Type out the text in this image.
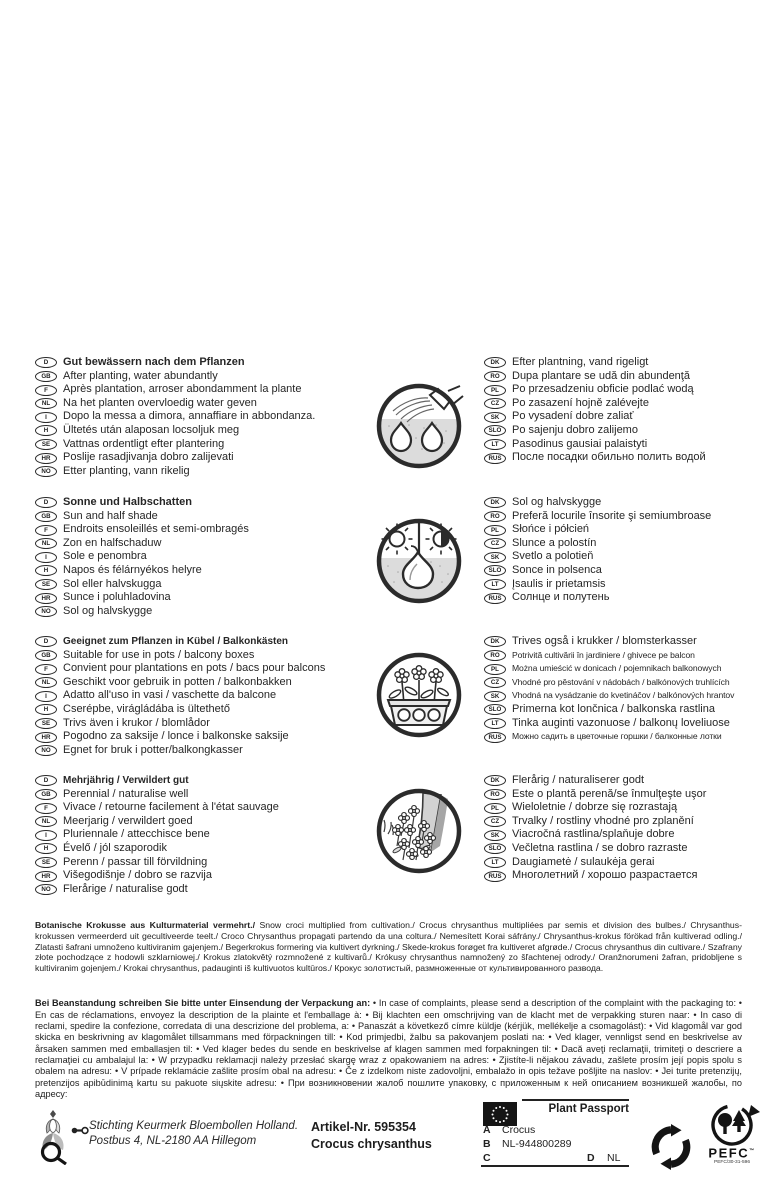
D	Gut bewässern nach dem Pflanzen
GB	After planting, water abundantly
F	Après plantation, arroser abondamment la plante
NL	Na het planten overvloedig water geven
I	Dopo la messa a dimora, annaffiare in abbondanza.
H	Ültetés után alaposan locsoljuk meg
SE	Vattnas ordentligt efter plantering
HR	Poslije rasadjivanja dobro zalijevati
NO	Etter planting, vann rikelig
DK	Efter plantning, vand rigeligt
RO	Dupa plantare se udă din abundenţă
PL	Po przesadzeniu obficie podlać wodą
CZ	Po zasazení hojně zalévejte
SK	Po vysadení dobre zaliať
SLO Po sajenju dobro zalijemo
LT	Pasodinus gausiai palaistyti
RUS После посадки обильно полить водой
D	Sonne und Halbschatten
GB	Sun and half shade
F	Endroits ensoleillés et semi-ombragés
NL	Zon en halfschaduw
I	Sole e penombra
H	Napos és félárnyékos helyre
SE	Sol eller halvskugga
HR	Sunce i poluhladovina
NO	Sol og halvskygge
DK	Sol og halvskygge
RO	Preferă locurile însorite şi semiumbroase
PL	Słońce i półcień
CZ	Slunce a polostín
SK	Svetlo a polotieň
SLO Sonce in polsenca
LT	Įsaulis ir prietamsis
RUS Солнце и полутень
D	Geeignet zum Pflanzen in Kübel / Balkonkästen
GB	Suitable for use in pots / balcony boxes
F	Convient pour plantations en pots / bacs pour balcons
NL	Geschikt voor gebruik in potten / balkonbakken
I	Adatto all'uso in vasi / vaschette da balcone
H	Cserépbe, virágládába is ültethető
SE	Trivs även i krukor / blomlådor
HR	Pogodno za saksije / lonce i balkonske saksije
NO	Egnet for bruk i potter/balkongkasser
DK	Trives også i krukker / blomsterkasser
RO	Potrivită cultivării în jardiniere / ghivece pe balcon
PL	Można umieścić w donicach / pojemnikach balkonowych
CZ	Vhodné pro pěstování v nádobách / balkónových truhlících
SK	Vhodná na vysádzanie do kvetináčov / balkónových hrantov
SLO Primerna kot lončnica / balkonska rastlina
LT	Tinka auginti vazonuose / balkonų loveliuose
RUS	Можно садить в цветочные горшки / балконные лотки
D	Mehrjährig / Verwildert gut
GB	Perennial / naturalise well
F	Vivace / retourne facilement à l'état sauvage
NL	Meerjarig / verwildert goed
I	Pluriennale / attecchisce bene
H	Évelő / jól szaporodik
SE	Perenn / passar till förvildning
HR	Višegodišnje / dobro se razvija
NO	Flerårige / naturalise godt
DK	Flerårig / naturaliserer godt
RO	Este o plantă perenă/se înmulţeşte uşor
PL	Wieloletnie / dobrze się rozrastają
CZ	Trvalky / rostliny vhodné pro zplanění
SK	Viacročná rastlina/splaňuje dobre
SLO Večletna rastlina / se dobro razraste
LT	Daugiametė / sulaukėja gerai
RUS Многолетний / хорошо разрастается

Botanische Krokusse aus Kulturmaterial vermehrt./ Snow croci multiplied from cultivation./ Crocus chrysanthus multipliées par semis et division des bulbes./ Chrysanthus-krokussen vermeerderd uit gecultiveerde teelt./ Croco Chrysanthus propagati partendo da una coltura./ Nemesített Korai sáfrány./ Chrysanthus-krokus förökad från kultiverad odling./ Zlatasti šafrani umnoženo kultiviranim gajenjem./ Begerkrokus formering via kultivert dyrkning./ Skede-krokus forøget fra kultiveret afgrøde./ Crocus chrysanthus din cultivare./ Szafrany złote pochodzące z hodowli szklarniowej./ Krokus zlatokvětý rozmnožené z kultivarů./ Krókusy chrysanthus namnožený zo šľachtenej odrody./ Oranžnorumeni žafran, pridobljene s kultiviranim gojenjem./ Krokai chrysanthus, padauginti iš kultivuotos kultūros./ Крокус золотистый, размноженные от культивированного развода.

Bei Beanstandung schreiben Sie bitte unter Einsendung der Verpackung an: • In case of complaints, please send a description of the complaint with the packaging to: • En cas de réclamations, envoyez la description de la plainte et l'emballage à: • Bij klachten een omschrijving van de klacht met de verpakking sturen naar: • In caso di reclami, spedire la confezione, corredata di una descrizione del problema, a: • Panaszát a következő címre küldje (kérjük, mellékelje a csomagolást): • Vid klagomål var god skicka en beskrivning av klagomålet tillsammans med förpackningen till: • Kod primjedbi, žalbu sa pakovanjem poslati na: • Ved klager, vennligst send en beskrivelse av årsaken sammen med emballasjen til: • Ved klager bedes du sende en beskrivelse af klagen sammen med forpakningen til: • Dacă aveţi reclamaţii, trimiteţi o descriere a reclamaţiei cu ambalajul la: • W przypadku reklamacji należy przesłać skargę wraz z opakowaniem na adres: • Zjistíte-li nějakou závadu, zašlete prosím její popis spolu s obalem na adresu: • V prípade reklamácie zašlite prosím obal na adresu: • Če z izdelkom niste zadovoljni, embalažo in opis težave pošljite na naslov: • Jei turite pretenzijų, pretenzijos apibūdinimą kartu su pakuote siųskite adresu: • При возникновении жалоб пошлите упаковку, с приложенным к ней описанием возникшей жалобы, по адресу:

Stichting Keurmerk Bloembollen Holland.
Postbus 4, NL-2180 AA Hillegom
Artikel-Nr. 595354
Crocus chrysanthus
Plant Passport
A Crocus
B NL-944800289
C	D NL	PEFC™
PEFC/30-31-596
